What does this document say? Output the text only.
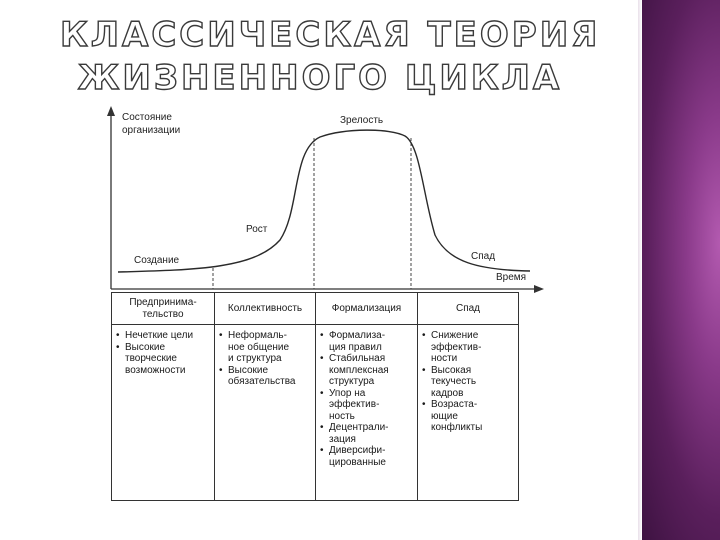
КЛАССИЧЕСКАЯ ТЕОРИЯ
ЖИЗНЕННОГО ЦИКЛА
Состояние
организации
Зрелость
Рост
Создание	Спад
Время
Предпринима-
тельство
• Нечеткие цели
• Высокие
творческие
возможности
Коллективность
• Неформаль-
ное общение
и структура
• Высокие
обязательства
Формализация
• Формализа-
ция правил
• Стабильная
комплексная
структура
• Упор на
эффектив-
ность
• Децентрали-
зация
• Диверсифи-
цированные
Спад
• Снижение
эффектив-
ности
• Высокая
текучесть
кадров
• Возраста-
ющие
конфликты
